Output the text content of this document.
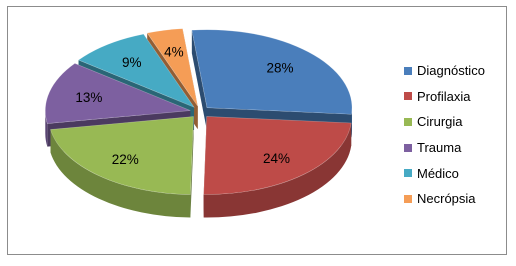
28%
24%
22%
13%
9%
4%
Diagnóstico
Profilaxia
Cirurgia
Trauma
Médico
Necrópsia
